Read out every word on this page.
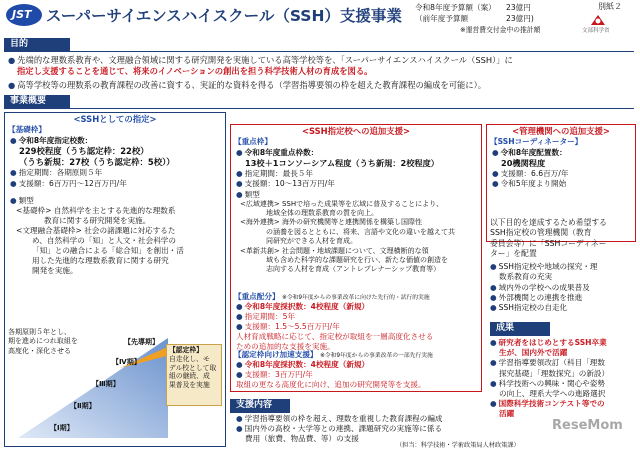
JST スーパーサイエンスハイスクール（SSH）支援事業 令和8年度予算額（案） 23億円
（前年度予算額	23億円)
※運営費交付金中の推計額
別紙２
文部科学省
目的
● 先端的な理数系教育や、文理融合領域に関する研究開発を実施している高等学校等を、「スーパーサイエンスハイスクール（SSH）」に
指定し支援することを通じて、将来のイノベーションの創出を担う科学技術人材の育成を図る。
● 高等学校等の理数系の教育課程の改善に資する、実証的な資料を得る（学習指導要領の枠を超えた教育課程の編成を可能に）。
事業概要
<SSHとしての指定>
【基礎枠】
● 令和8年度指定校数：
229校程度（うち認定枠：22校）
（うち新規：27校（うち認定枠：5校））
● 指定期間：各期原則５年
● 支援額：6百万円～12百万円/年
● 類型
<基礎枠> 自然科学を主とする先進的な理数系
教育に関する研究開発を実施。
<文理融合基礎枠> 社会の諸課題に対応するた
め、自然科学の「知」と人文・社会科学の
「知」との融合による「総合知」を創出・活
用した先進的な理数系教育に関する研究
開発を実施。
各期原則５年とし、
期を進めにつれ取組を
高度化・深化させる
【Ⅰ期】
【Ⅱ期】
【Ⅲ期】
【Ⅳ期】
【先導期】
【認定枠】
自走化し、モ
デル校として取
組の継続、成
果普及を実施
<SSH指定校への追加支援>
【重点枠】
● 令和8年度重点枠数：
13校＋1コンソーシアム程度（うち新規：2校程度）
● 指定期間：最長５年
● 支援額：10～13百万円/年
● 類型
<広域連携> SSHで培った成果等を広域に普及することにより、
地域全体の理数系教育の質を向上。
<海外連携> 海外の研究機関等と連携関係を構築し国際性
の涵養を図るとともに、将来、言語や文化の違いを越えて共
同研究ができる人材を育成。
<革新共創> 社会問題・地域課題について、文理横断的な領
域も含めた科学的な課題研究を行い、新たな価値の創造を
志向する人材を育成（アントレプレナーシップ教育等）
【重点配分】 ※令和9年度からの事業改革に向けた先行的・試行的実施
● 令和8年度採択数：4校程度（新規）
● 指定期間：5年
● 支援額：1.5～5.5百万円/年
人材育成戦略に応じて、指定校が取組を一層高度化させる
ための追加的な支援を実施。
【認定枠向け加速支援】 ※令和9年度からの事業改革の一部先行実施
● 令和8年度採択数：4校程度（新規）
● 支援額：3百万円/年
取組の更なる高度化に向け、追加の研究開発等を支援。
<管理機関への追加支援>
【SSHコーディネーター】
● 令和8年度配置数：
20機関程度
● 支援額：6.6百万/年
● 令和5年度より開始
以下目的を達成するため希望する
SSH指定校の管理機関（教育
委員会等）に「SSHコーディネー
ター」を配置
● SSH指定校や地域の探究・理
数系教育の充実
● 域内外の学校への成果普及
● 外部機関との連携を推進
● SSH指定校の自走化
支援内容
● 学習指導要領の枠を超え、理数を重視した教育課程の編成
● 国内外の高校・大学等との連携、課題研究の実施等に係る
費用（旅費、物品費、等）の支援
（担当：科学技術・学術政策局人材政策課）
成果
● 研究者をはじめとするSSH卒業
生が、国内外で活躍
● 学習指導要領改訂（科目「理数
探究基礎」「理数探究」の新設）
● 科学技術への興味・関心や姿勢
の向上、理系大学への進路選択
● 国際科学技術コンテスト等での
活躍
ReseMom
